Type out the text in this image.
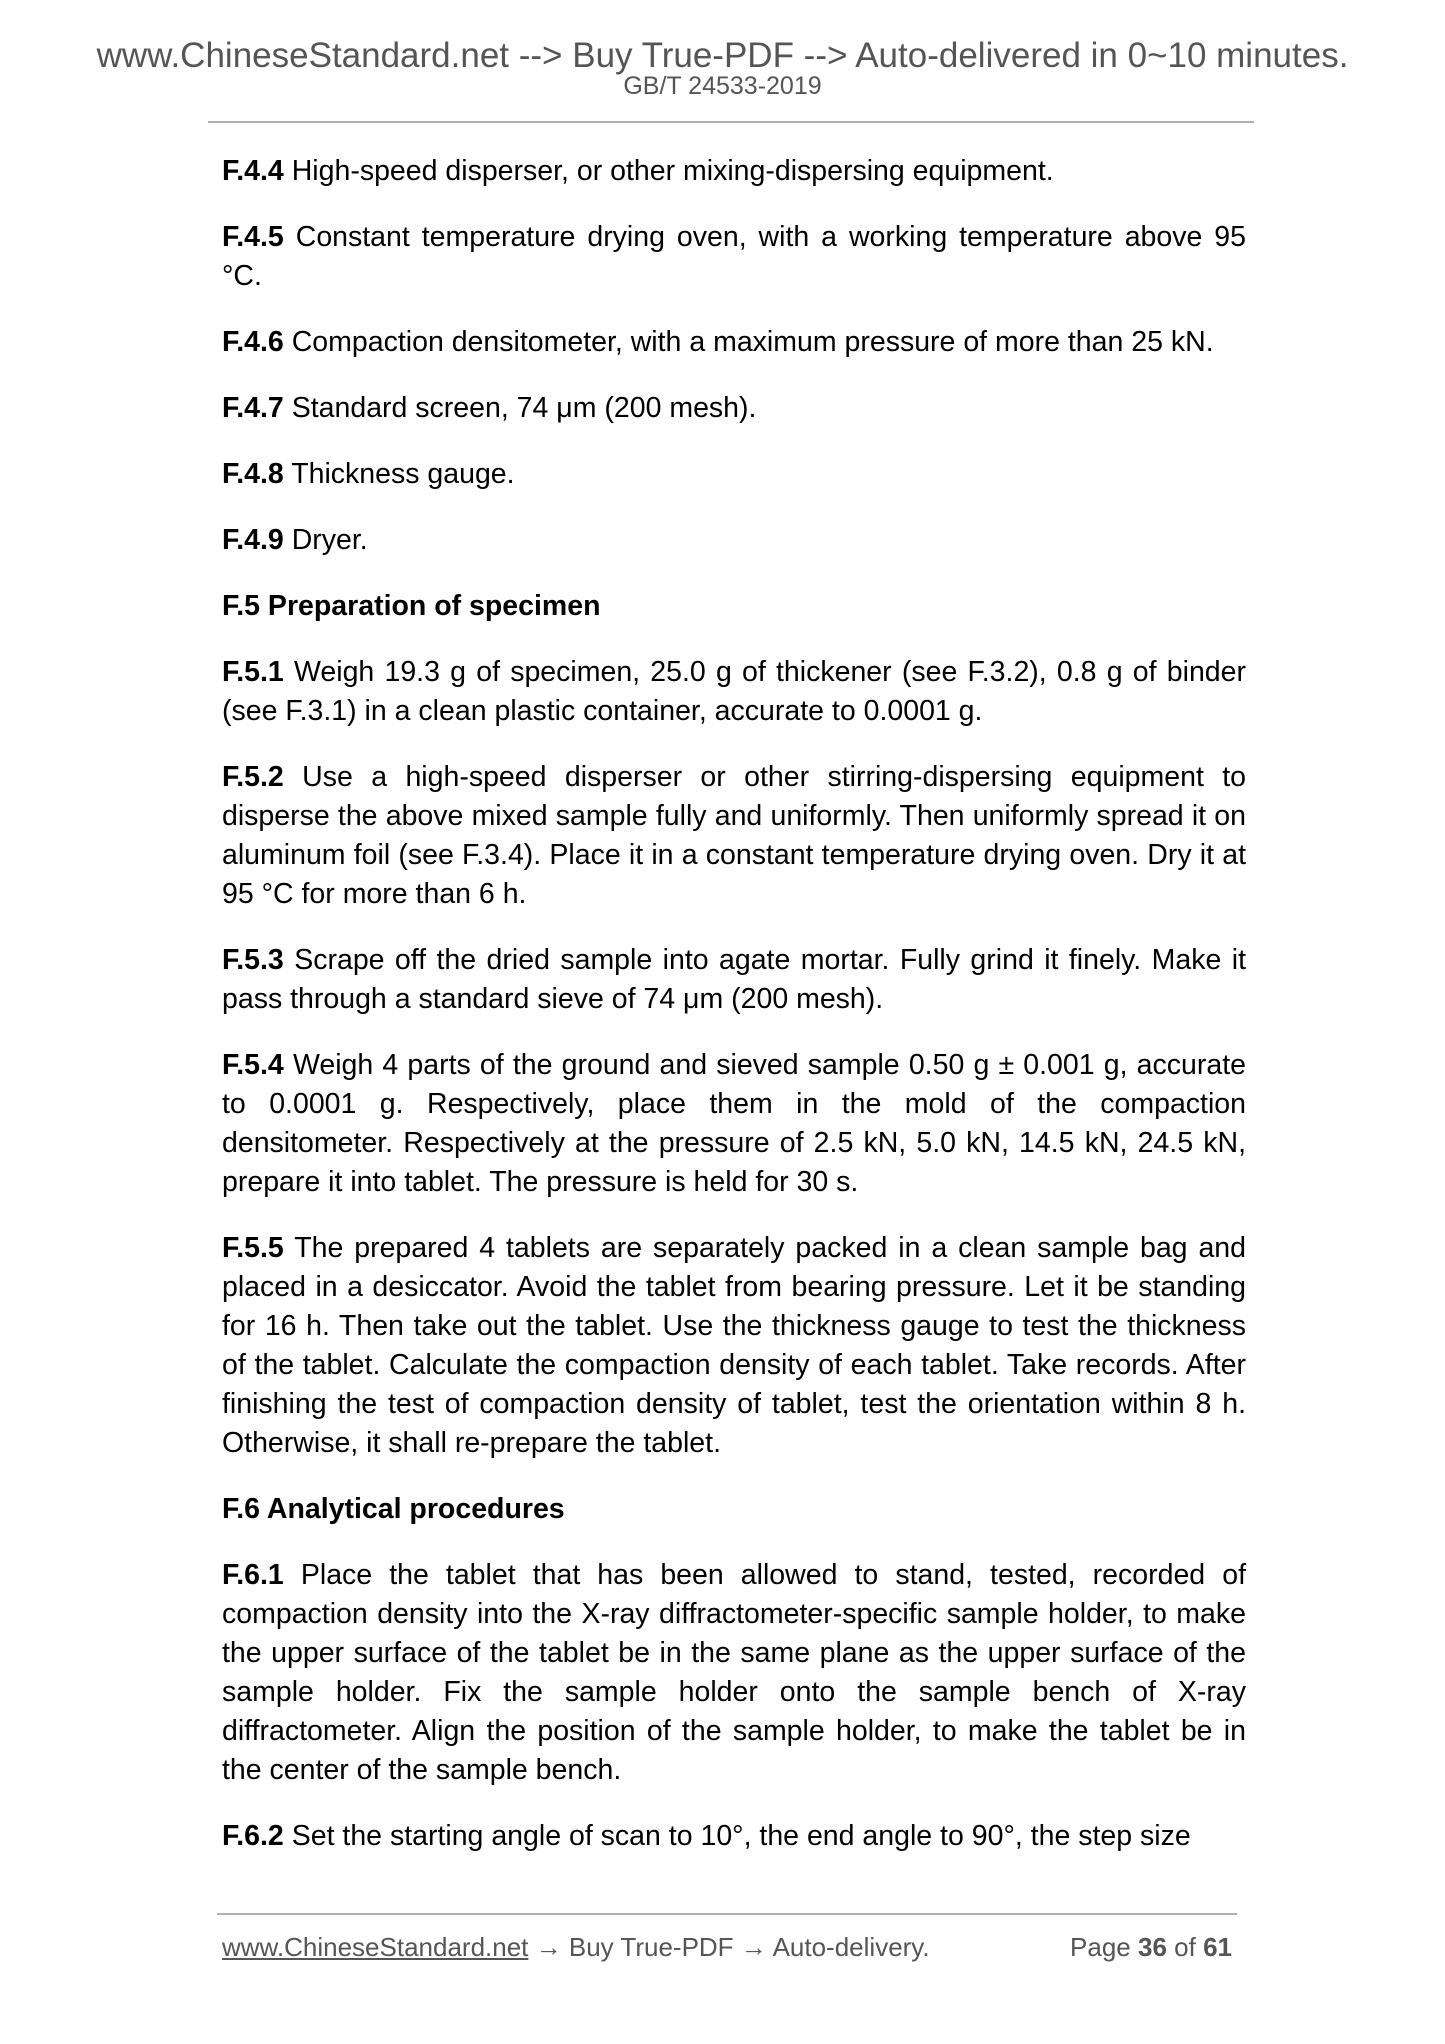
www.ChineseStandard.net --> Buy True-PDF --> Auto-delivered in 0~10 minutes.
GB/T 24533-2019

F.4.4 High-speed disperser, or other mixing-dispersing equipment.

F.4.5 Constant temperature drying oven, with a working temperature above 95 °C.

F.4.6 Compaction densitometer, with a maximum pressure of more than 25 kN.

F.4.7 Standard screen, 74 μm (200 mesh).

F.4.8 Thickness gauge.

F.4.9 Dryer.

F.5 Preparation of specimen

F.5.1 Weigh 19.3 g of specimen, 25.0 g of thickener (see F.3.2), 0.8 g of binder (see F.3.1) in a clean plastic container, accurate to 0.0001 g.

F.5.2 Use a high-speed disperser or other stirring-dispersing equipment to disperse the above mixed sample fully and uniformly. Then uniformly spread it on aluminum foil (see F.3.4). Place it in a constant temperature drying oven. Dry it at 95 °C for more than 6 h.

F.5.3 Scrape off the dried sample into agate mortar. Fully grind it finely. Make it pass through a standard sieve of 74 μm (200 mesh).

F.5.4 Weigh 4 parts of the ground and sieved sample 0.50 g ± 0.001 g, accurate to 0.0001 g. Respectively, place them in the mold of the compaction densitometer. Respectively at the pressure of 2.5 kN, 5.0 kN, 14.5 kN, 24.5 kN, prepare it into tablet. The pressure is held for 30 s.

F.5.5 The prepared 4 tablets are separately packed in a clean sample bag and placed in a desiccator. Avoid the tablet from bearing pressure. Let it be standing for 16 h. Then take out the tablet. Use the thickness gauge to test the thickness of the tablet. Calculate the compaction density of each tablet. Take records. After finishing the test of compaction density of tablet, test the orientation within 8 h. Otherwise, it shall re-prepare the tablet.

F.6 Analytical procedures

F.6.1 Place the tablet that has been allowed to stand, tested, recorded of compaction density into the X-ray diffractometer-specific sample holder, to make the upper surface of the tablet be in the same plane as the upper surface of the sample holder. Fix the sample holder onto the sample bench of X-ray diffractometer. Align the position of the sample holder, to make the tablet be in the center of the sample bench.

F.6.2 Set the starting angle of scan to 10°, the end angle to 90°, the step size

www.ChineseStandard.net → Buy True-PDF → Auto-delivery.	Page 36 of 61
